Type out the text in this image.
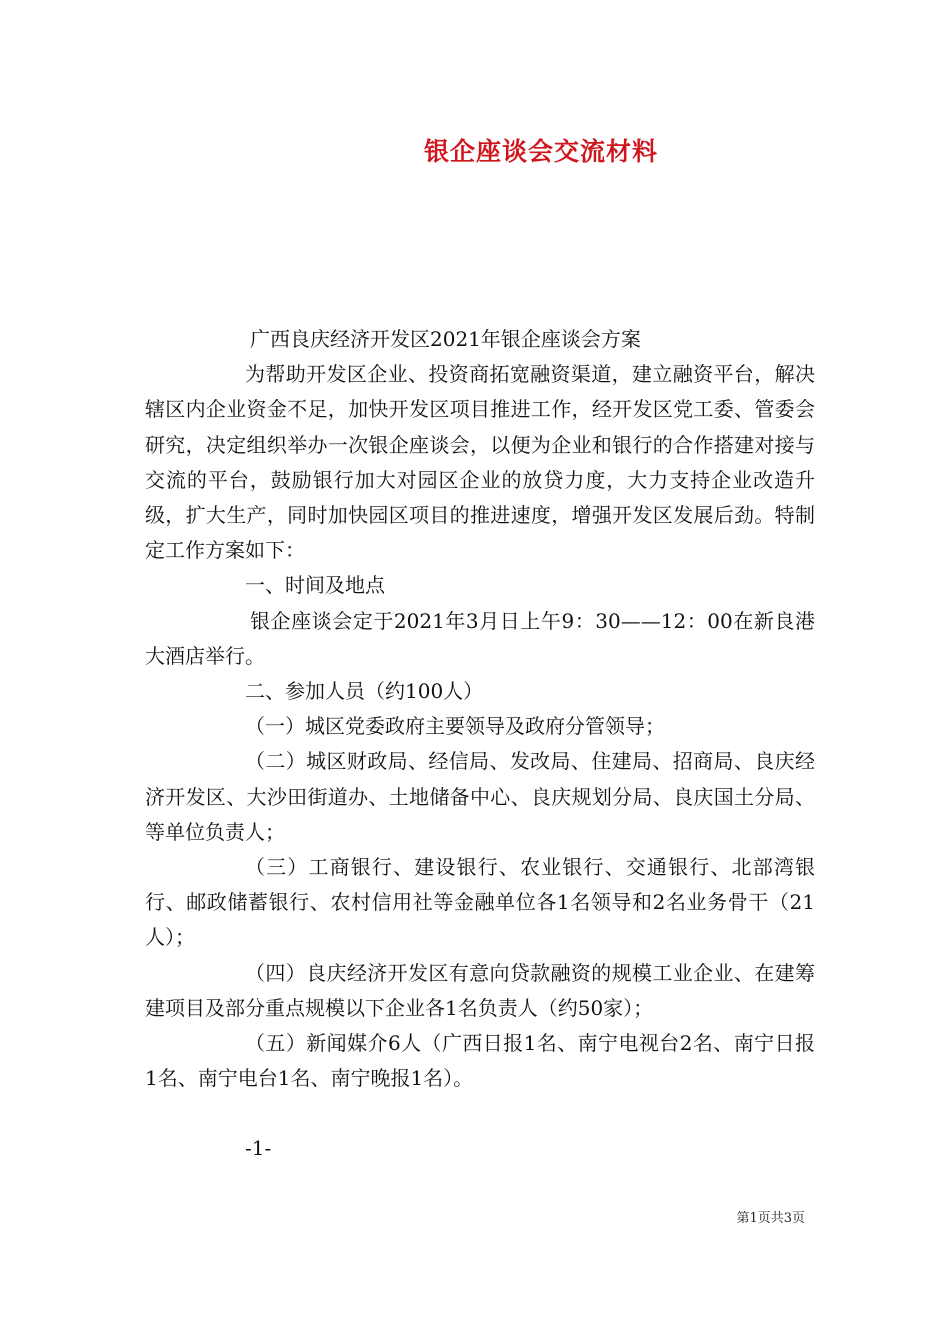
银企座谈会交流材料

广西良庆经济开发区2021年银企座谈会方案

为帮助开发区企业、投资商拓宽融资渠道，建立融资平台，解决辖区内企业资金不足，加快开发区项目推进工作，经开发区党工委、管委会研究，决定组织举办一次银企座谈会，以便为企业和银行的合作搭建对接与交流的平台，鼓励银行加大对园区企业的放贷力度，大力支持企业改造升级，扩大生产，同时加快园区项目的推进速度，增强开发区发展后劲。特制定工作方案如下：

一、时间及地点

银企座谈会定于2021年3月日上午9：30——12：00在新良港大酒店举行。

二、参加人员（约100人）

（一）城区党委政府主要领导及政府分管领导；

（二）城区财政局、经信局、发改局、住建局、招商局、良庆经济开发区、大沙田街道办、土地储备中心、良庆规划分局、良庆国土分局、等单位负责人；

（三）工商银行、建设银行、农业银行、交通银行、北部湾银行、邮政储蓄银行、农村信用社等金融单位各1名领导和2名业务骨干（21人）；

（四）良庆经济开发区有意向贷款融资的规模工业企业、在建筹建项目及部分重点规模以下企业各1名负责人（约50家）；

（五）新闻媒介6人（广西日报1名、南宁电视台2名、南宁日报1名、南宁电台1名、南宁晚报1名）。

-1-
第1页共3页
